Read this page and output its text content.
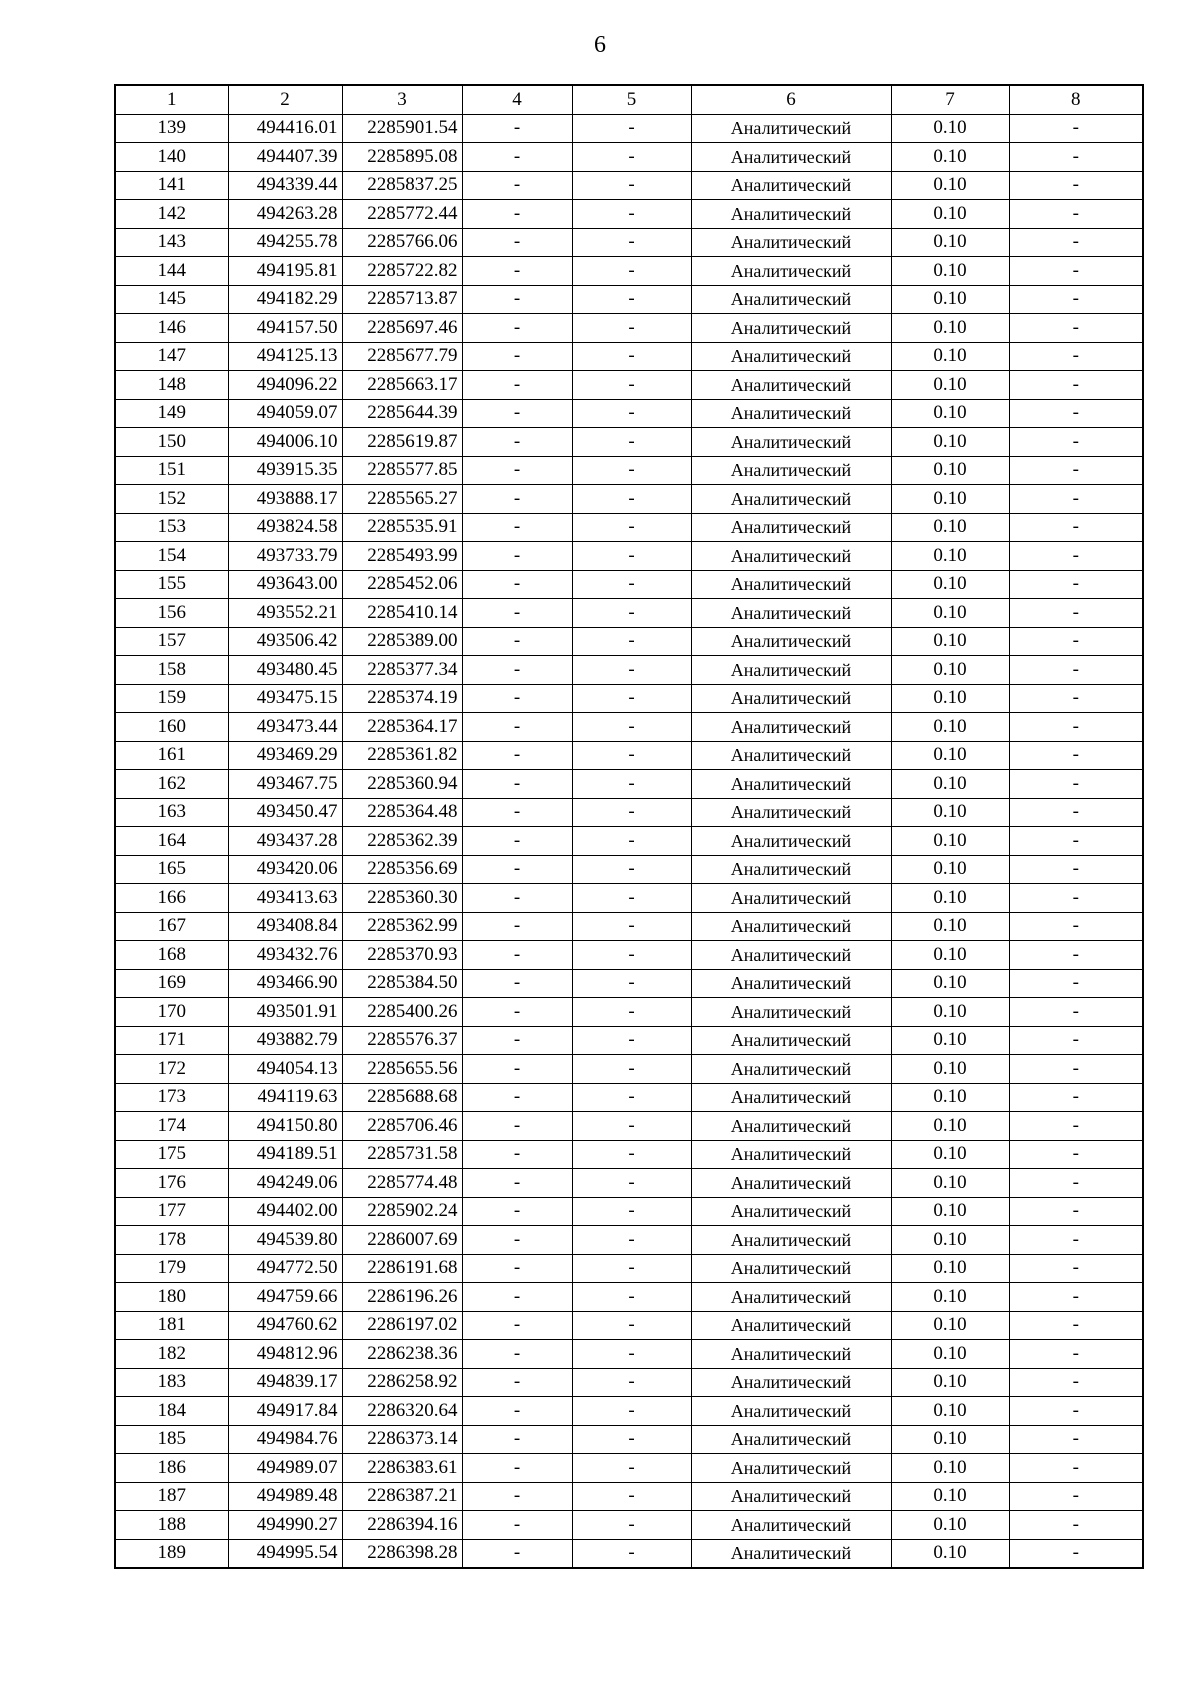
6
1	2	3	4	5	6	7	8
139	494416.01	2285901.54	-	-	Аналитический	0.10	-
140	494407.39	2285895.08	-	-	Аналитический	0.10	-
141	494339.44	2285837.25	-	-	Аналитический	0.10	-
142	494263.28	2285772.44	-	-	Аналитический	0.10	-
143	494255.78	2285766.06	-	-	Аналитический	0.10	-
144	494195.81	2285722.82	-	-	Аналитический	0.10	-
145	494182.29	2285713.87	-	-	Аналитический	0.10	-
146	494157.50	2285697.46	-	-	Аналитический	0.10	-
147	494125.13	2285677.79	-	-	Аналитический	0.10	-
148	494096.22	2285663.17	-	-	Аналитический	0.10	-
149	494059.07	2285644.39	-	-	Аналитический	0.10	-
150	494006.10	2285619.87	-	-	Аналитический	0.10	-
151	493915.35	2285577.85	-	-	Аналитический	0.10	-
152	493888.17	2285565.27	-	-	Аналитический	0.10	-
153	493824.58	2285535.91	-	-	Аналитический	0.10	-
154	493733.79	2285493.99	-	-	Аналитический	0.10	-
155	493643.00	2285452.06	-	-	Аналитический	0.10	-
156	493552.21	2285410.14	-	-	Аналитический	0.10	-
157	493506.42	2285389.00	-	-	Аналитический	0.10	-
158	493480.45	2285377.34	-	-	Аналитический	0.10	-
159	493475.15	2285374.19	-	-	Аналитический	0.10	-
160	493473.44	2285364.17	-	-	Аналитический	0.10	-
161	493469.29	2285361.82	-	-	Аналитический	0.10	-
162	493467.75	2285360.94	-	-	Аналитический	0.10	-
163	493450.47	2285364.48	-	-	Аналитический	0.10	-
164	493437.28	2285362.39	-	-	Аналитический	0.10	-
165	493420.06	2285356.69	-	-	Аналитический	0.10	-
166	493413.63	2285360.30	-	-	Аналитический	0.10	-
167	493408.84	2285362.99	-	-	Аналитический	0.10	-
168	493432.76	2285370.93	-	-	Аналитический	0.10	-
169	493466.90	2285384.50	-	-	Аналитический	0.10	-
170	493501.91	2285400.26	-	-	Аналитический	0.10	-
171	493882.79	2285576.37	-	-	Аналитический	0.10	-
172	494054.13	2285655.56	-	-	Аналитический	0.10	-
173	494119.63	2285688.68	-	-	Аналитический	0.10	-
174	494150.80	2285706.46	-	-	Аналитический	0.10	-
175	494189.51	2285731.58	-	-	Аналитический	0.10	-
176	494249.06	2285774.48	-	-	Аналитический	0.10	-
177	494402.00	2285902.24	-	-	Аналитический	0.10	-
178	494539.80	2286007.69	-	-	Аналитический	0.10	-
179	494772.50	2286191.68	-	-	Аналитический	0.10	-
180	494759.66	2286196.26	-	-	Аналитический	0.10	-
181	494760.62	2286197.02	-	-	Аналитический	0.10	-
182	494812.96	2286238.36	-	-	Аналитический	0.10	-
183	494839.17	2286258.92	-	-	Аналитический	0.10	-
184	494917.84	2286320.64	-	-	Аналитический	0.10	-
185	494984.76	2286373.14	-	-	Аналитический	0.10	-
186	494989.07	2286383.61	-	-	Аналитический	0.10	-
187	494989.48	2286387.21	-	-	Аналитический	0.10	-
188	494990.27	2286394.16	-	-	Аналитический	0.10	-
189	494995.54	2286398.28	-	-	Аналитический	0.10	-
